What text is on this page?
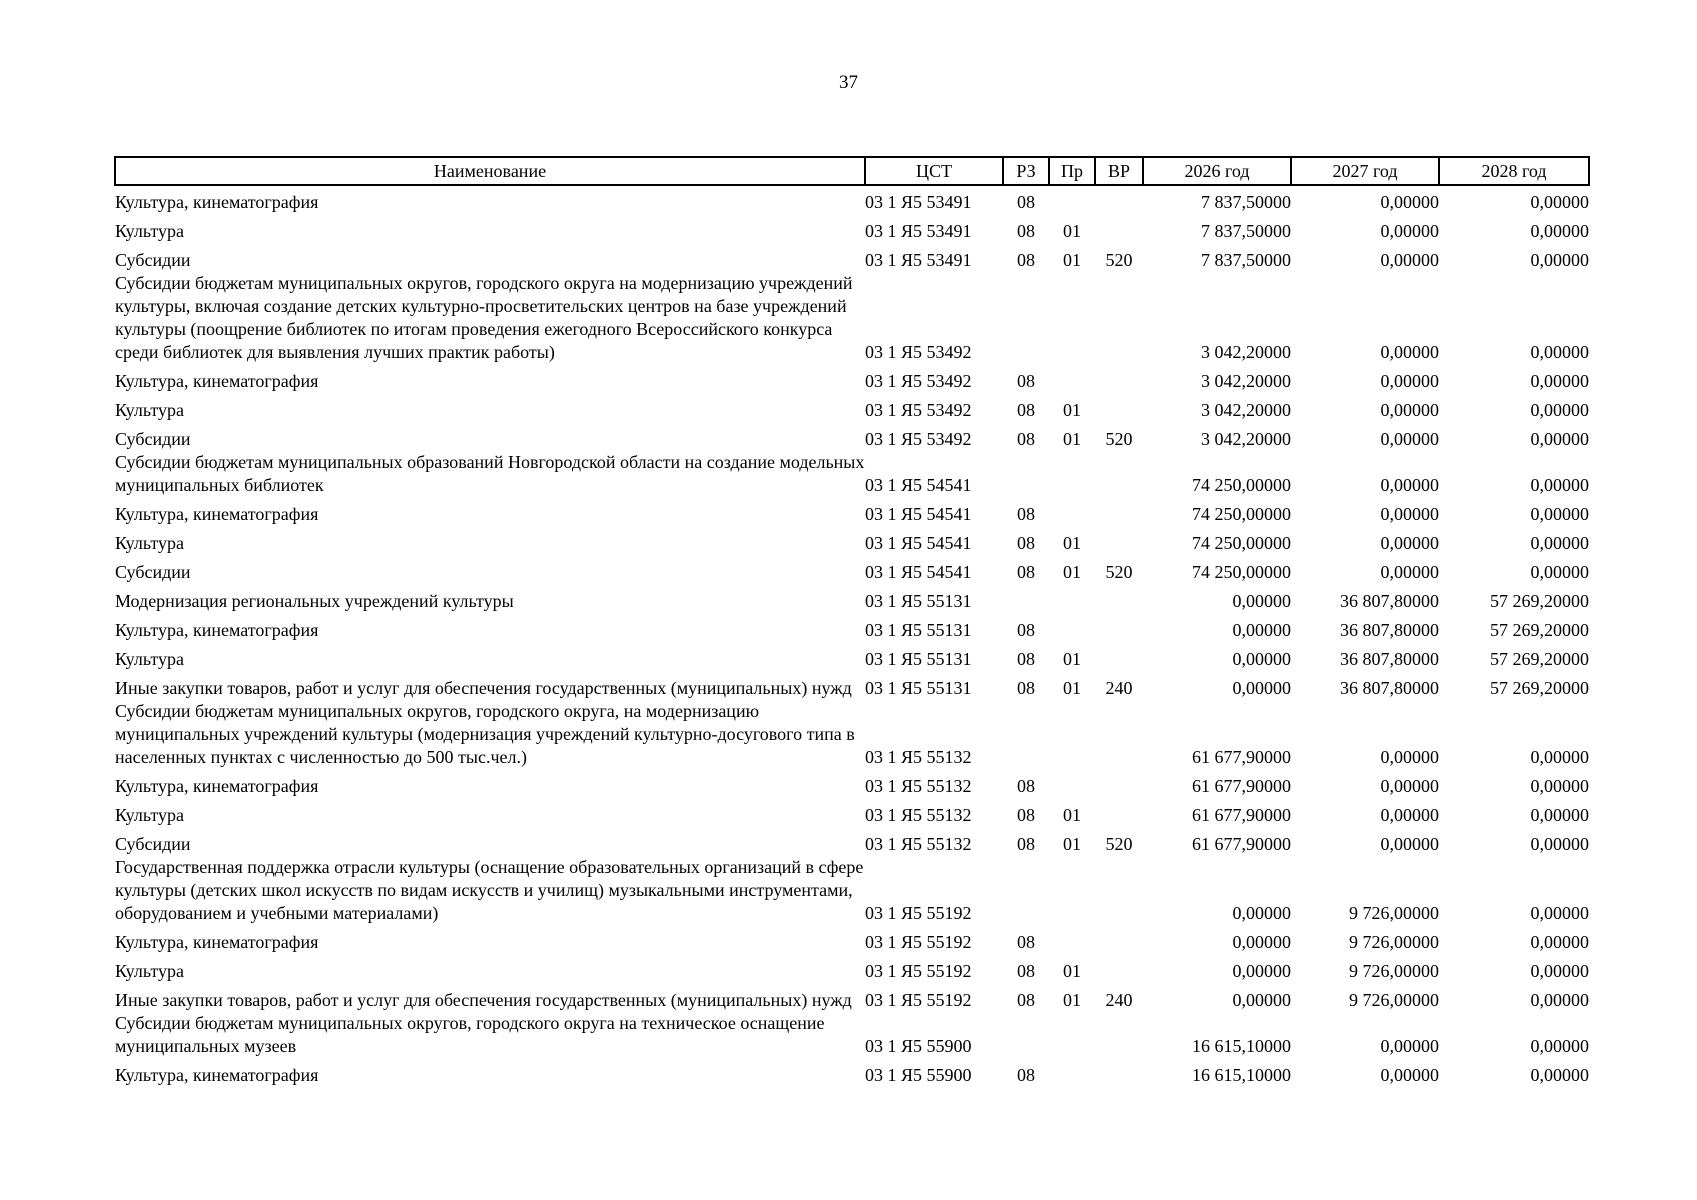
37
Наименование	ЦСТ	РЗ	Пр	ВР	2026 год	2027 год	2028 год
Культура, кинематография	03 1 Я5 53491	08			7 837,50000	0,00000	0,00000
Культура	03 1 Я5 53491	08	01		7 837,50000	0,00000	0,00000
Субсидии	03 1 Я5 53491	08	01	520	7 837,50000	0,00000	0,00000
Субсидии бюджетам муниципальных округов, городского округа на модернизацию учреждений культуры, включая создание детских культурно-просветительских центров на базе учреждений культуры (поощрение библиотек по итогам проведения ежегодного Всероссийского конкурса среди библиотек для выявления лучших практик работы)	03 1 Я5 53492				3 042,20000	0,00000	0,00000
Культура, кинематография	03 1 Я5 53492	08			3 042,20000	0,00000	0,00000
Культура	03 1 Я5 53492	08	01		3 042,20000	0,00000	0,00000
Субсидии	03 1 Я5 53492	08	01	520	3 042,20000	0,00000	0,00000
Субсидии бюджетам муниципальных образований Новгородской области на создание модельных муниципальных библиотек	03 1 Я5 54541				74 250,00000	0,00000	0,00000
Культура, кинематография	03 1 Я5 54541	08			74 250,00000	0,00000	0,00000
Культура	03 1 Я5 54541	08	01		74 250,00000	0,00000	0,00000
Субсидии	03 1 Я5 54541	08	01	520	74 250,00000	0,00000	0,00000
Модернизация региональных учреждений культуры	03 1 Я5 55131				0,00000	36 807,80000	57 269,20000
Культура, кинематография	03 1 Я5 55131	08			0,00000	36 807,80000	57 269,20000
Культура	03 1 Я5 55131	08	01		0,00000	36 807,80000	57 269,20000
Иные закупки товаров, работ и услуг для обеспечения государственных (муниципальных) нужд	03 1 Я5 55131	08	01	240	0,00000	36 807,80000	57 269,20000
Субсидии бюджетам муниципальных округов, городского округа, на модернизацию муниципальных учреждений культуры (модернизация учреждений культурно-досугового типа в населенных пунктах с численностью до 500 тыс.чел.)	03 1 Я5 55132				61 677,90000	0,00000	0,00000
Культура, кинематография	03 1 Я5 55132	08			61 677,90000	0,00000	0,00000
Культура	03 1 Я5 55132	08	01		61 677,90000	0,00000	0,00000
Субсидии	03 1 Я5 55132	08	01	520	61 677,90000	0,00000	0,00000
Государственная поддержка отрасли культуры (оснащение образовательных организаций в сфере культуры (детских школ искусств по видам искусств и училищ) музыкальными инструментами, оборудованием и учебными материалами)	03 1 Я5 55192				0,00000	9 726,00000	0,00000
Культура, кинематография	03 1 Я5 55192	08			0,00000	9 726,00000	0,00000
Культура	03 1 Я5 55192	08	01		0,00000	9 726,00000	0,00000
Иные закупки товаров, работ и услуг для обеспечения государственных (муниципальных) нужд	03 1 Я5 55192	08	01	240	0,00000	9 726,00000	0,00000
Субсидии бюджетам муниципальных округов, городского округа на техническое оснащение муниципальных музеев	03 1 Я5 55900				16 615,10000	0,00000	0,00000
Культура, кинематография	03 1 Я5 55900	08			16 615,10000	0,00000	0,00000
